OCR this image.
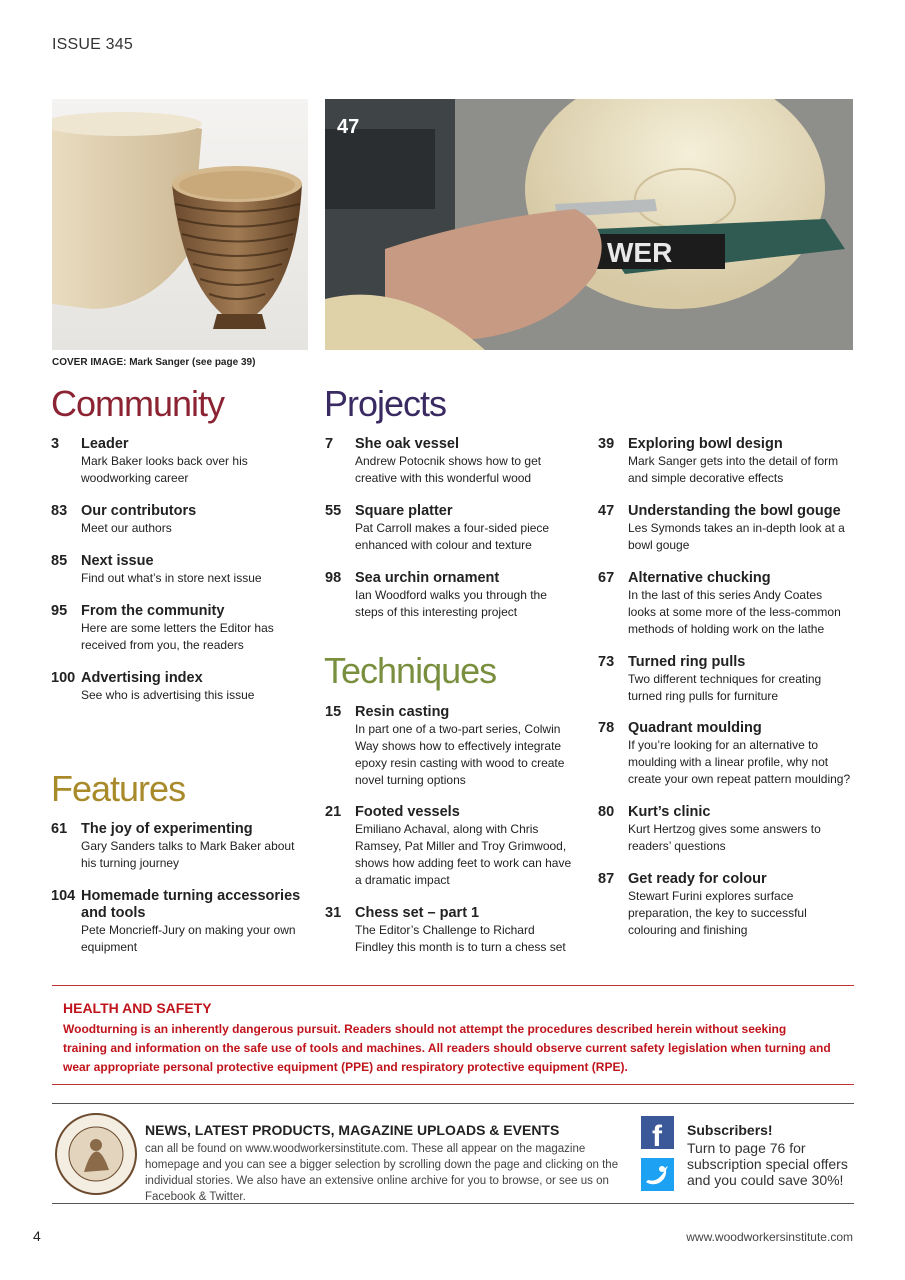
ISSUE 345
WER
47
COVER IMAGE: Mark Sanger (see page 39)
Community	Projects
Techniques
Features
3 Leader
Mark Baker looks back over his woodworking career
83 Our contributors
Meet our authors
85 Next issue
Find out what’s in store next issue
95 From the community
Here are some letters the Editor has received from you, the readers
100 Advertising index
See who is advertising this issue
61 The joy of experimenting
Gary Sanders talks to Mark Baker about his turning journey
104 Homemade turning accessories and tools
Pete Moncrieff-Jury on making your own equipment
7 She oak vessel
Andrew Potocnik shows how to get creative with this wonderful wood
55 Square platter
Pat Carroll makes a four-sided piece enhanced with colour and texture
98 Sea urchin ornament
Ian Woodford walks you through the steps of this interesting project
15 Resin casting
In part one of a two-part series, Colwin Way shows how to effectively integrate epoxy resin casting with wood to create novel turning options
21 Footed vessels
Emiliano Achaval, along with Chris Ramsey, Pat Miller and Troy Grimwood, shows how adding feet to work can have a dramatic impact
31 Chess set – part 1
The Editor’s Challenge to Richard Findley this month is to turn a chess set
39 Exploring bowl design
Mark Sanger gets into the detail of form and simple decorative effects
47 Understanding the bowl gouge
Les Symonds takes an in-depth look at a bowl gouge
67 Alternative chucking
In the last of this series Andy Coates looks at some more of the less-common methods of holding work on the lathe
73 Turned ring pulls
Two different techniques for creating turned ring pulls for furniture
78 Quadrant moulding
If you’re looking for an alternative to moulding with a linear profile, why not create your own repeat pattern moulding?
80 Kurt’s clinic
Kurt Hertzog gives some answers to readers’ questions
87 Get ready for colour
Stewart Furini explores surface preparation, the key to successful colouring and finishing
HEALTH AND SAFETY
Woodturning is an inherently dangerous pursuit. Readers should not attempt the procedures described herein without seeking training and information on the safe use of tools and machines. All readers should observe current safety legislation when turning and wear appropriate personal protective equipment (PPE) and respiratory protective equipment (RPE).
NEWS, LATEST PRODUCTS, MAGAZINE UPLOADS & EVENTS
can all be found on www.woodworkersinstitute.com. These all appear on the magazine homepage and you can see a bigger selection by scrolling down the page and clicking on the individual stories. We also have an extensive online archive for you to browse, or see us on Facebook & Twitter.
f Subscribers!
Turn to page 76 for subscription special offers and you could save 30%!
4	www.woodworkersinstitute.com
